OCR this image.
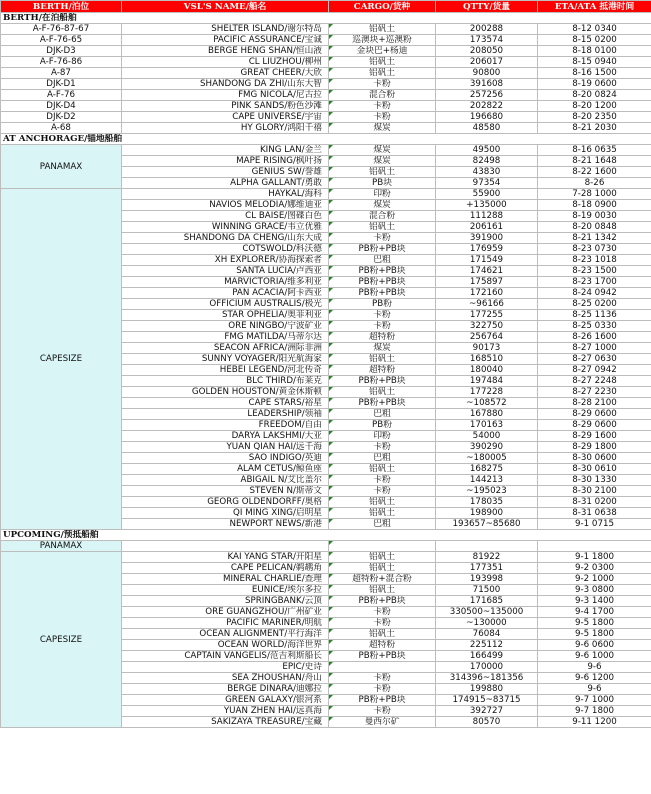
BERTH/泊位	VSL'S NAME/船名	CARGO/货种	QTTY/货量	ETA/ATA 抵港时间
BERTH/在泊船舶				
A-F-76-87-67	SHELTER ISLAND/谢尔特岛	铝矾土	200288	8-12 0340
A-F-76-65	PACIFIC ASSURANCE/宝诚	巡澳块+巡澳粉	173574	8-15 0200
DJK-D3	BERGE HENG SHAN/恒山液	金块巴+杨迪	208050	8-18 0100
A-F-76-86	CL LIUZHOU/柳州	铝矾土	206017	8-15 0940
A-87	GREAT CHEER/大欣	铝矾土	90800	8-16 1500
DJK-D1	SHANDONG DA ZHI/山东大智	卡粉	391608	8-19 0600
A-F-76	FMG NICOLA/尼古拉	混合粉	257256	8-20 0824
DJK-D4	PINK SANDS/粉色沙滩	卡粉	202822	8-20 1200
DJK-D2	CAPE UNIVERSE/宇宙	卡粉	196680	8-20 2350
A-68	HY GLORY/鸿阳千禧	煤炭	48580	8-21 2030
AT ANCHORAGE/锚地船舶				
PANAMAX	KING LAN/金兰	煤炭	49500	8-16 0635
	MAPE RISING/枫叶扬	煤炭	82498	8-21 1648
	GENIUS SW/誉雄	铝矾土	43830	8-22 1600
	ALPHA GALLANT/勇敢	PB块	97354	8-26
CAPESIZE	HAYKAL/海科	印粉	55900	7-28 1000
	NAVIOS MELODIA/娜维迪亚	煤炭	+135000	8-18 0900
	CL BAISE/图碟白色	混合粉	111288	8-19 0030
	WINNING GRACE/韦立优雅	铝矾土	206161	8-20 0848
	SHANDONG DA CHENG/山东大成	卡粉	391900	8-21 1342
	COTSWOLD/科沃德	PB粉+PB块	176959	8-23 0730
	XH EXPLORER/协海探索者	巴粗	171549	8-23 1018
	SANTA LUCIA/卢西亚	PB粉+PB块	174621	8-23 1500
	MARVICTORIA/维多利亚	PB粉+PB块	175897	8-23 1700
	PAN ACACIA/阿卡西亚	PB粉+PB块	172160	8-24 0942
	OFFICIUM AUSTRALIS/极光	PB粉	~96166	8-25 0200
	STAR OPHELIA/奥菲利亚	卡粉	177255	8-25 1136
	ORE NINGBO/宁波矿业	卡粉	322750	8-25 0330
	FMG MATILDA/马蒂尔达	超特粉	256764	8-26 1600
	SEACON AFRICA/洲际非洲	煤炭	90173	8-27 1000
	SUNNY VOYAGER/阳光航海家	铝矾土	168510	8-27 0630
	HEBEI LEGEND/河北传奇	超特粉	180040	8-27 0942
	BLC THIRD/布莱克	PB粉+PB块	197484	8-27 2248
	GOLDEN HOUSTON/黄金休斯顿	铝矾土	177228	8-27 2230
	CAPE STARS/裕星	PB粉+PB块	~108572	8-28 2100
	LEADERSHIP/领袖	巴粗	167880	8-29 0600
	FREEDOM/自由	PB粉	170163	8-29 0600
	DARYA LAKSHMI/大亚	印粉	54000	8-29 1600
	YUAN QIAN HAI/远千海	卡粉	390290	8-29 1800
	SAO INDIGO/英迪	巴粗	~180005	8-30 0600
	ALAM CETUS/鲸鱼座	铝矾土	168275	8-30 0610
	ABIGAIL N/艾比盖尔	卡粉	144213	8-30 1330
	STEVEN N/斯蒂文	卡粉	~195023	8-30 2100
	GEORG OLDENDORFF/奥格	铝矾土	178035	8-31 0200
	QI MING XING/启明星	铝矾土	198900	8-31 0638
	NEWPORT NEWS/新港	巴粗	193657~85680	9-1 0715
UPCOMING/预抵船舶				
PANAMAX		

CAPESIZE	KAI YANG STAR/开阳星	铝矾土	81922	9-1 1800
	CAPE PELICAN/鹈鹕角	铝矾土	177351	9-2 0300
	MINERAL CHARLIE/查理	超特粉+混合粉	193998	9-2 1000
	EUNICE/埃尔多拉	铝矾土	71500	9-3 0800
	SPRINGBANK/云顶	PB粉+PB块	171685	9-3 1400
	ORE GUANGZHOU/广州矿业	卡粉	330500~135000	9-4 1700
	PACIFIC MARINER/明航	卡粉	~130000	9-5 1800
	OCEAN ALIGNMENT/平行海洋	铝矾土	76084	9-5 1800
	OCEAN WORLD/海洋世界	超特粉	225112	9-6 0600
	CAPTAIN VANGELIS/范吉利斯船长	PB粉+PB块	166499	9-6 1000
	EPIC/史诗		170000	9-6
	SEA ZHOUSHAN/舟山	卡粉	314396~181356	9-6 1200
	BERGE DINARA/迪娜拉	卡粉	199880	9-6
	GREEN GALAXY/银河系	PB粉+PB块	174915~83715	9-7 1000
	YUAN ZHEN HAI/远真海	卡粉	392727	9-7 1800
	SAKIZAYA TREASURE/宝藏	曼西尔矿	80570	9-11 1200
